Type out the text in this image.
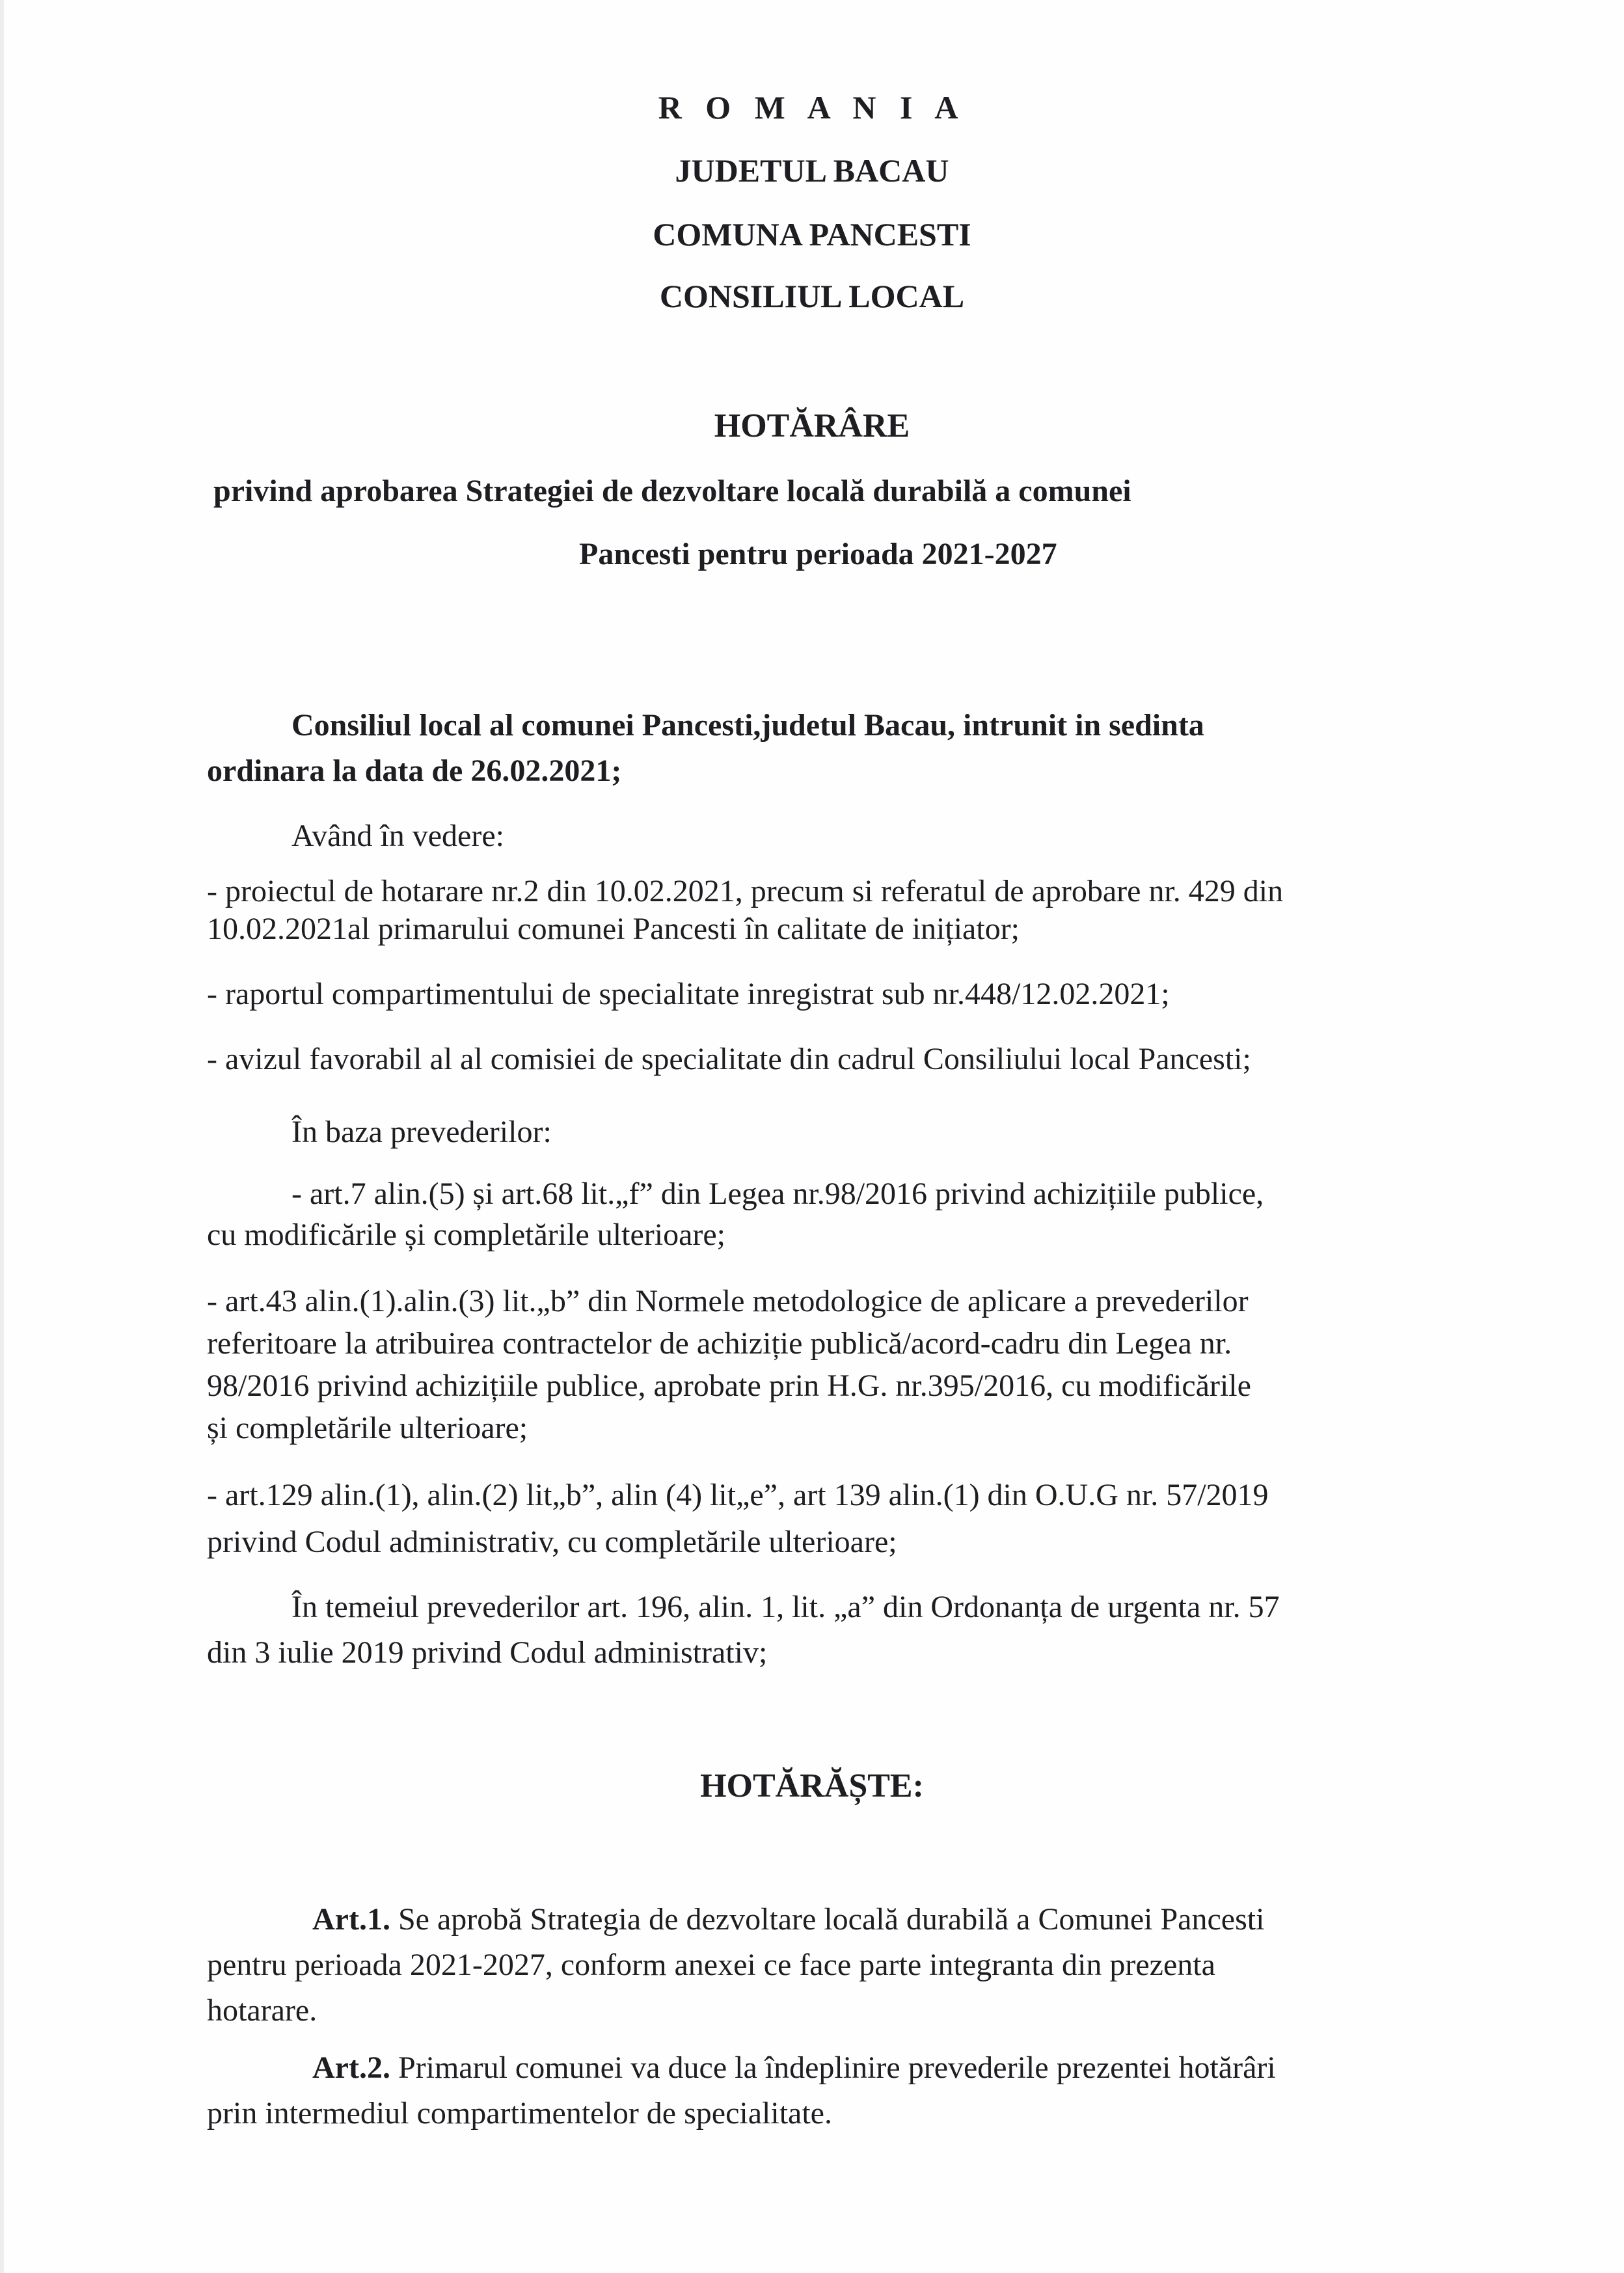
R O M A N I A
JUDETUL BACAU
COMUNA PANCESTI
CONSILIUL LOCAL
HOTĂRÂRE
privind aprobarea Strategiei de dezvoltare locală durabilă a comunei
Pancesti pentru perioada 2021-2027
Consiliul local al comunei Pancesti,judetul Bacau, intrunit in sedinta
ordinara la data de 26.02.2021;
Având în vedere:
- proiectul de hotarare nr.2 din 10.02.2021, precum si referatul de aprobare nr. 429 din
10.02.2021al primarului comunei Pancesti în calitate de inițiator;
- raportul compartimentului de specialitate inregistrat sub nr.448/12.02.2021;
- avizul favorabil al al comisiei de specialitate din cadrul Consiliului local Pancesti;
În baza prevederilor:
- art.7 alin.(5) și art.68 lit.„f” din Legea nr.98/2016 privind achizițiile publice,
cu modificările și completările ulterioare;
- art.43 alin.(1).alin.(3) lit.„b” din Normele metodologice de aplicare a prevederilor
referitoare la atribuirea contractelor de achiziție publică/acord-cadru din Legea nr.
98/2016 privind achizițiile publice, aprobate prin H.G. nr.395/2016, cu modificările
și completările ulterioare;
- art.129 alin.(1), alin.(2) lit„b”, alin (4) lit„e”, art 139 alin.(1) din O.U.G nr. 57/2019
privind Codul administrativ, cu completările ulterioare;
În temeiul prevederilor art. 196, alin. 1, lit. „a” din Ordonanța de urgenta nr. 57
din 3 iulie 2019 privind Codul administrativ;
HOTĂRĂȘTE:
Art.1. Se aprobă Strategia de dezvoltare locală durabilă a Comunei Pancesti
pentru perioada 2021-2027, conform anexei ce face parte integranta din prezenta
hotarare.
Art.2. Primarul comunei va duce la îndeplinire prevederile prezentei hotărâri
prin intermediul compartimentelor de specialitate.
